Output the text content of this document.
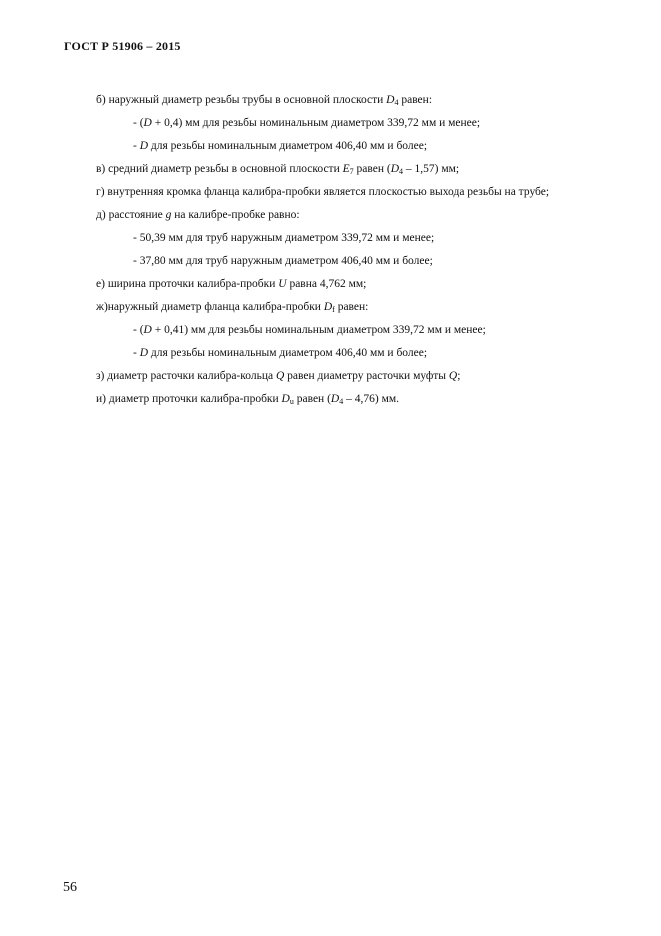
ГОСТ Р 51906 – 2015
б) наружный диаметр резьбы трубы в основной плоскости $D_4$ равен:
- (D + 0,4) мм для резьбы номинальным диаметром 339,72 мм и менее;
- D для резьбы номинальным диаметром 406,40 мм и более;
в) средний диаметр резьбы в основной плоскости $E_7$ равен $(D_4 - 1,57)$ мм;
г) внутренняя кромка фланца калибра-пробки является плоскостью выхода резьбы на трубе;
д) расстояние g на калибре-пробке равно:
- 50,39 мм для труб наружным диаметром 339,72 мм и менее;
- 37,80 мм для труб наружным диаметром 406,40 мм и более;
е) ширина проточки калибра-пробки U равна 4,762 мм;
ж)наружный диаметр фланца калибра-пробки $D_f$ равен:
- (D + 0,41) мм для резьбы номинальным диаметром 339,72 мм и менее;
- D для резьбы номинальным диаметром 406,40 мм и более;
з) диаметр расточки калибра-кольца Q равен диаметру расточки муфты Q;
и) диаметр проточки калибра-пробки $D_u$ равен $(D_4 - 4,76)$ мм.
56
